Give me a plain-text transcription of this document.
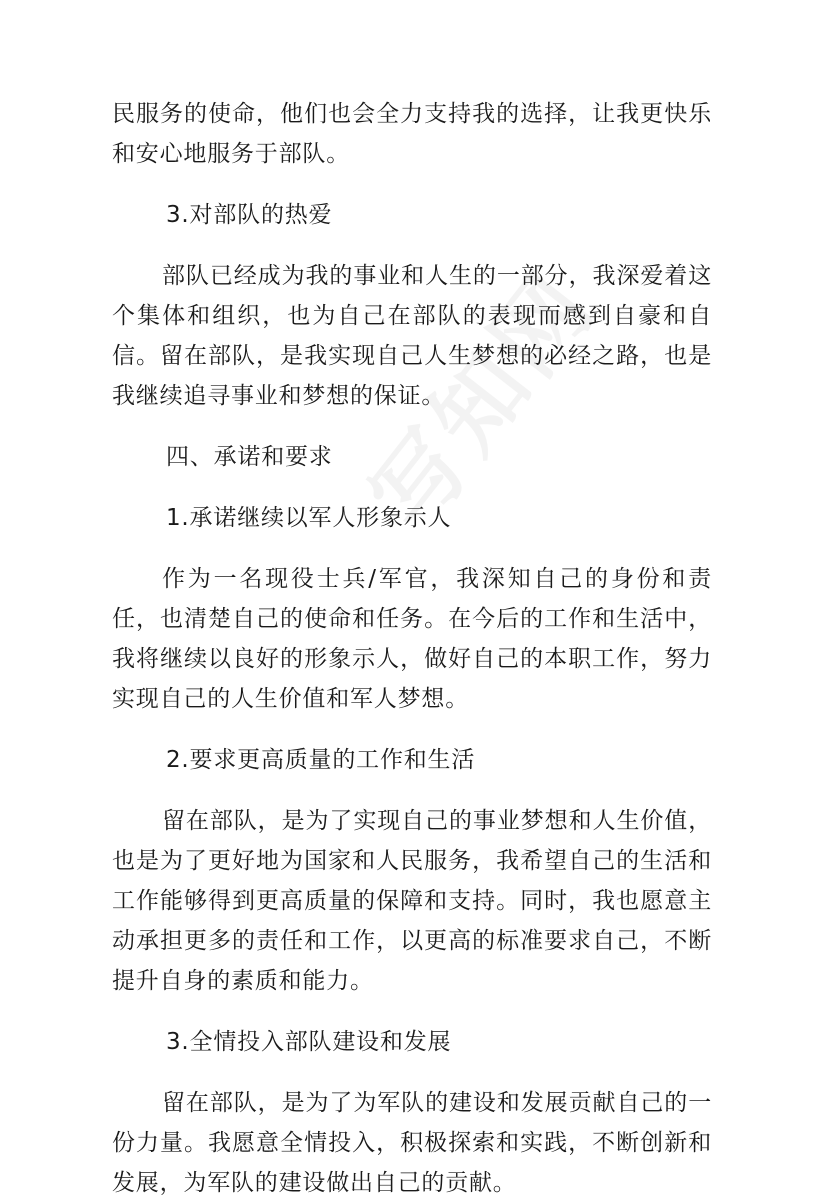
民服务的使命，他们也会全力支持我的选择，让我更快乐和安心地服务于部队。

3.对部队的热爱

部队已经成为我的事业和人生的一部分，我深爱着这个集体和组织，也为自己在部队的表现而感到自豪和自信。留在部队，是我实现自己人生梦想的必经之路，也是我继续追寻事业和梦想的保证。

四、承诺和要求

1.承诺继续以军人形象示人

作为一名现役士兵/军官，我深知自己的身份和责任，也清楚自己的使命和任务。在今后的工作和生活中，我将继续以良好的形象示人，做好自己的本职工作，努力实现自己的人生价值和军人梦想。

2.要求更高质量的工作和生活

留在部队，是为了实现自己的事业梦想和人生价值，也是为了更好地为国家和人民服务，我希望自己的生活和工作能够得到更高质量的保障和支持。同时，我也愿意主动承担更多的责任和工作，以更高的标准要求自己，不断提升自身的素质和能力。

3.全情投入部队建设和发展

留在部队，是为了为军队的建设和发展贡献自己的一份力量。我愿意全情投入，积极探索和实践，不断创新和发展，为军队的建设做出自己的贡献。
